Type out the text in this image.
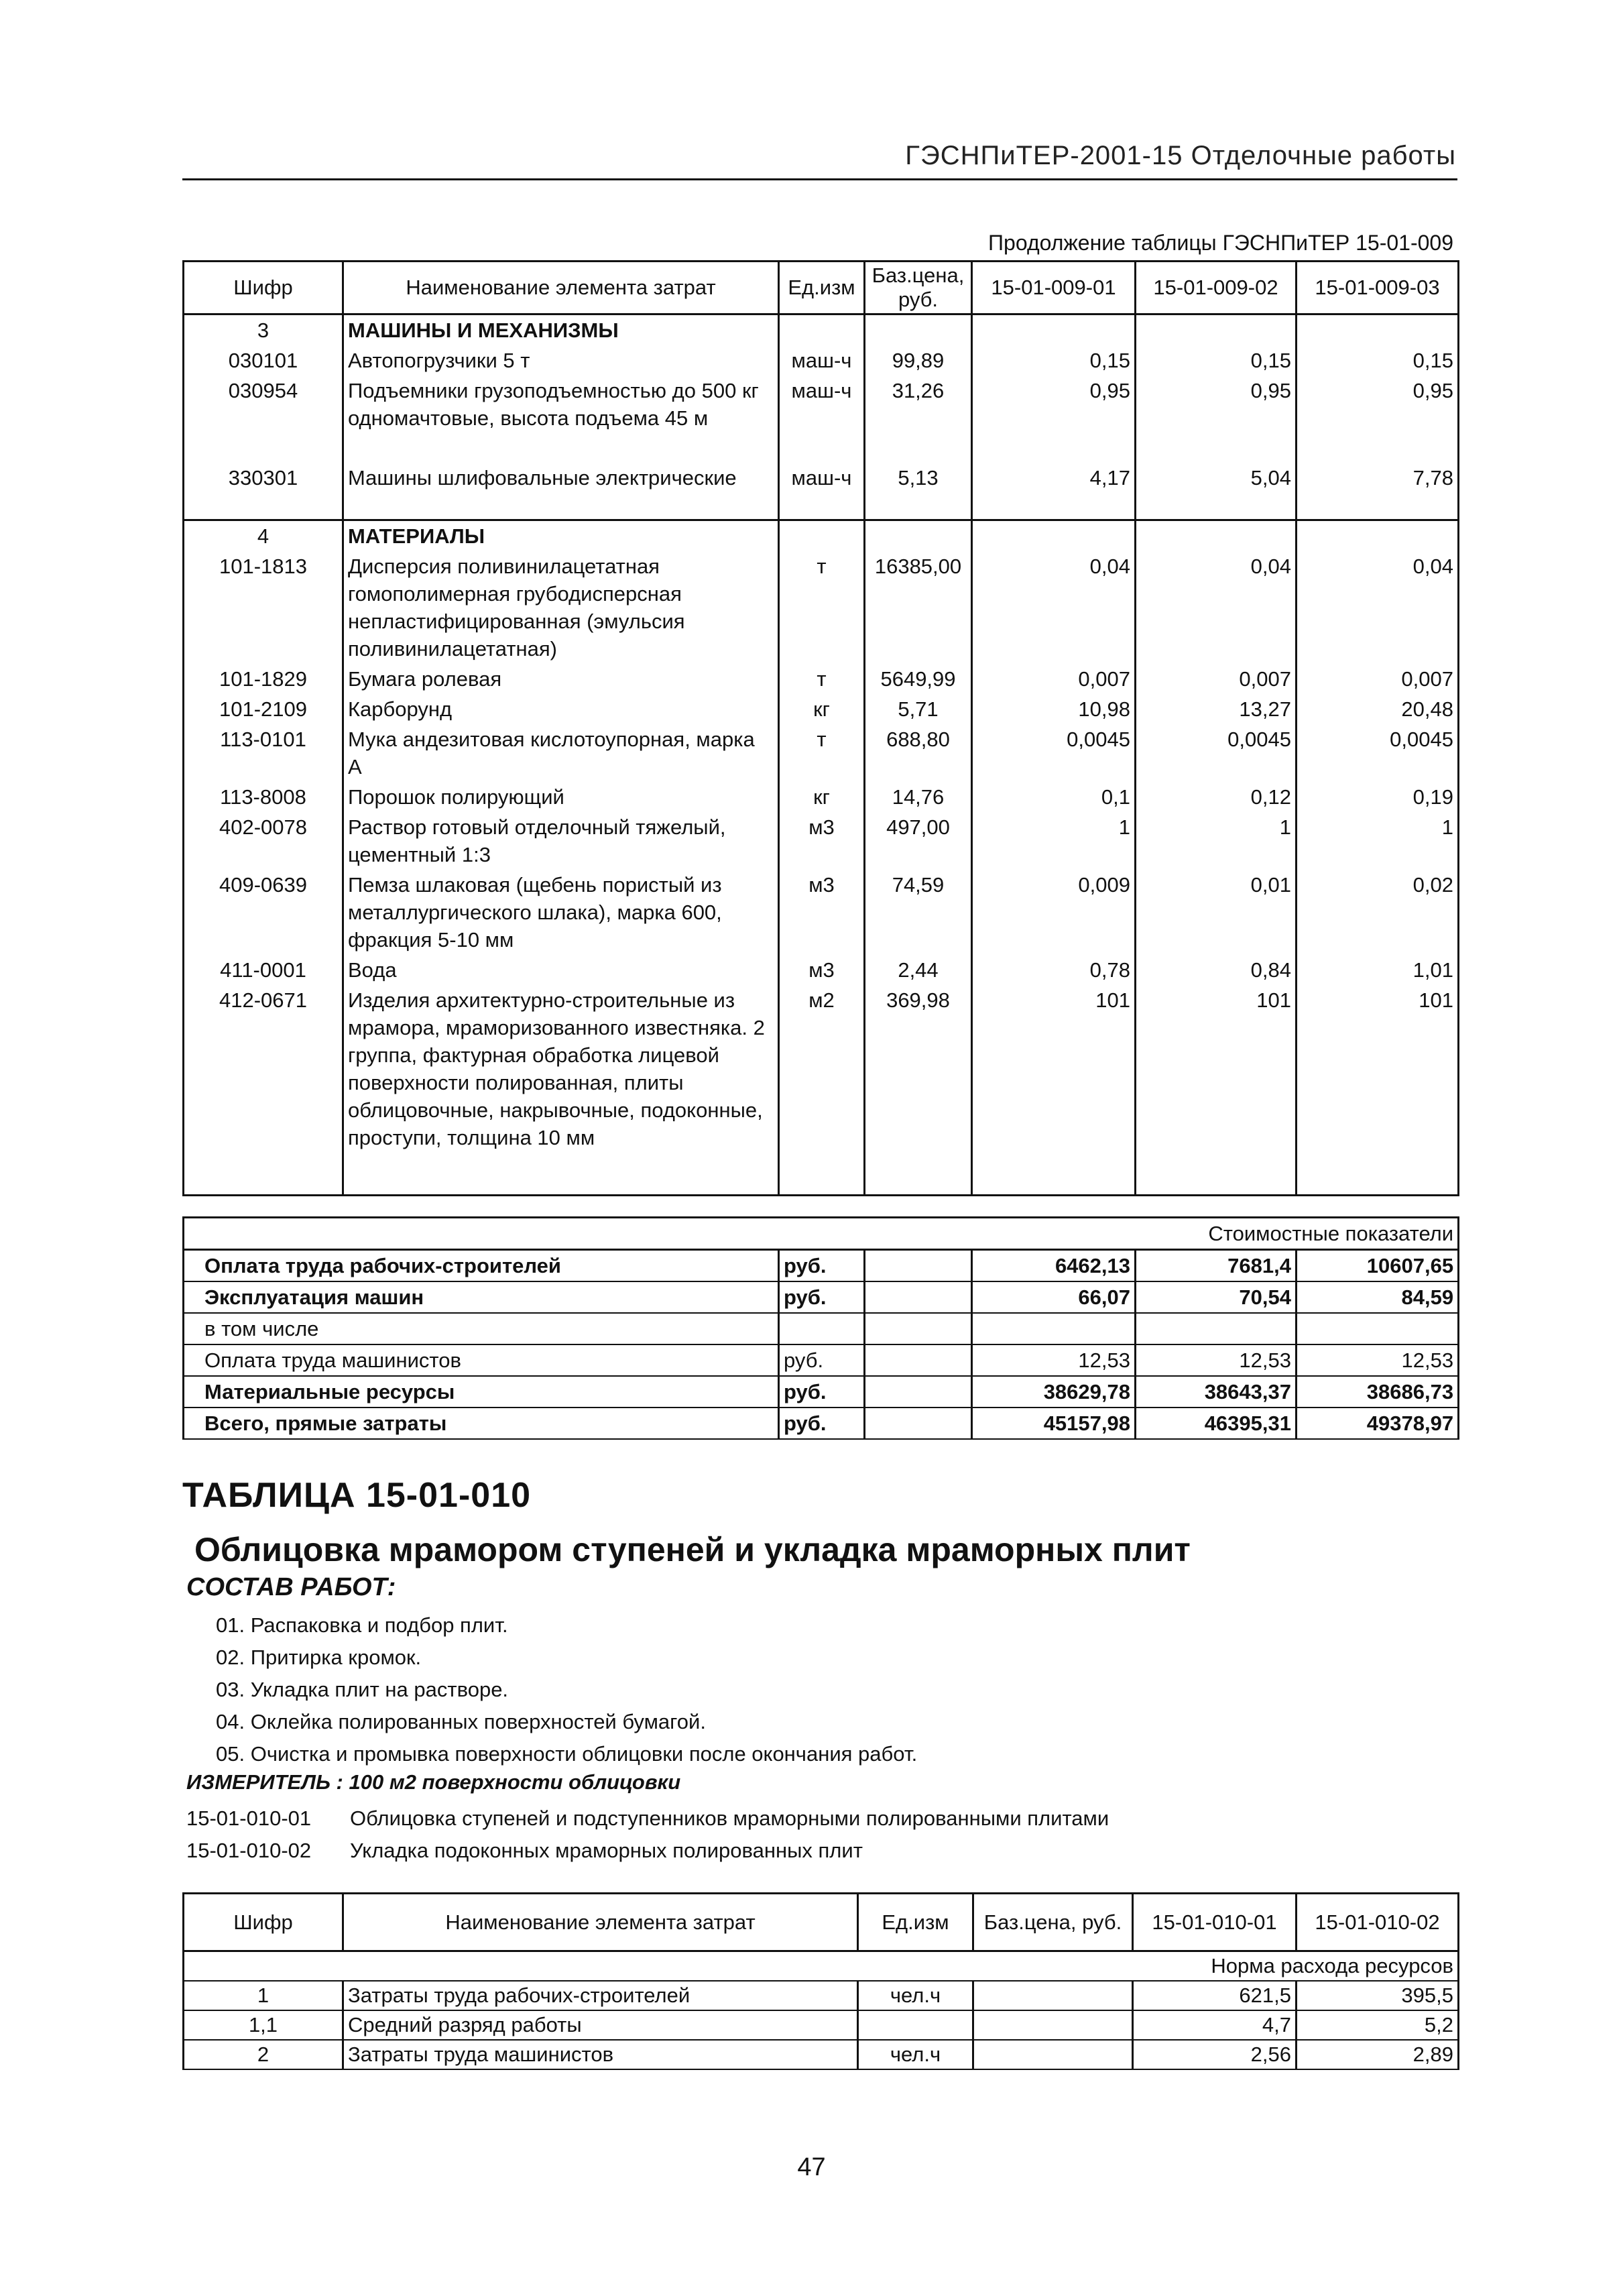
ГЭСНПиТЕР-2001-15 Отделочные работы
Продолжение таблицы ГЭСНПиТЕР 15-01-009
Шифр	Наименование элемента затрат	Ед.изм	Баз.цена, руб.	15-01-009-01	15-01-009-02	15-01-009-03
3	МАШИНЫ И МЕХАНИЗМЫ					
030101	Автопогрузчики 5 т	маш-ч	99,89	0,15	0,15	0,15
030954	Подъемники грузоподъемностью до 500 кг одномачтовые, высота подъема 45 м	маш-ч	31,26	0,95	0,95	0,95

330301	Машины шлифовальные электрические	маш-ч	5,13	4,17	5,04	7,78

4	МАТЕРИАЛЫ					
101-1813	Дисперсия поливинилацетатная гомополимерная грубодисперсная непластифицированная (эмульсия поливинилацетатная)	т	16385,00	0,04	0,04	0,04
101-1829	Бумага ролевая	т	5649,99	0,007	0,007	0,007
101-2109	Карборунд	кг	5,71	10,98	13,27	20,48
113-0101	Мука андезитовая кислотоупорная, марка А	т	688,80	0,0045	0,0045	0,0045
113-8008	Порошок полирующий	кг	14,76	0,1	0,12	0,19
402-0078	Раствор готовый отделочный тяжелый, цементный 1:3	м3	497,00	1	1	1
409-0639	Пемза шлаковая (щебень пористый из металлургического шлака), марка 600, фракция 5-10 мм	м3	74,59	0,009	0,01	0,02
411-0001	Вода	м3	2,44	0,78	0,84	1,01
412-0671	Изделия архитектурно-строительные из мрамора, мраморизованного известняка. 2 группа, фактурная обработка лицевой поверхности полированная, плиты облицовочные, накрывочные, подоконные, проступи, толщина 10 мм	м2	369,98	101	101	101

Стоимостные показатели					
Оплата труда рабочих-строителей	руб.		6462,13	7681,4	10607,65
Эксплуатация машин	руб.		66,07	70,54	84,59
в том числе					
Оплата труда машинистов	руб.		12,53	12,53	12,53
Материальные ресурсы	руб.		38629,78	38643,37	38686,73
Всего, прямые затраты	руб.		45157,98	46395,31	49378,97
ТАБЛИЦА 15-01-010
Облицовка мрамором ступеней и укладка мраморных плит
СОСТАВ РАБОТ:
01. Распаковка и подбор плит.
02. Притирка кромок.
03. Укладка плит на растворе.
04. Оклейка полированных поверхностей бумагой.
05. Очистка и промывка поверхности облицовки после окончания работ.
ИЗМЕРИТЕЛЬ : 100 м2 поверхности облицовки
15-01-010-01 Облицовка ступеней и подступенников мраморными полированными плитами
15-01-010-02 Укладка подоконных мраморных полированных плит
Шифр	Наименование элемента затрат	Ед.изм	Баз.цена, руб.	15-01-010-01	15-01-010-02
Норма расхода ресурсов					
1	Затраты труда рабочих-строителей	чел.ч		621,5	395,5
1,1	Средний разряд работы			4,7	5,2
2	Затраты труда машинистов	чел.ч		2,56	2,89
47
